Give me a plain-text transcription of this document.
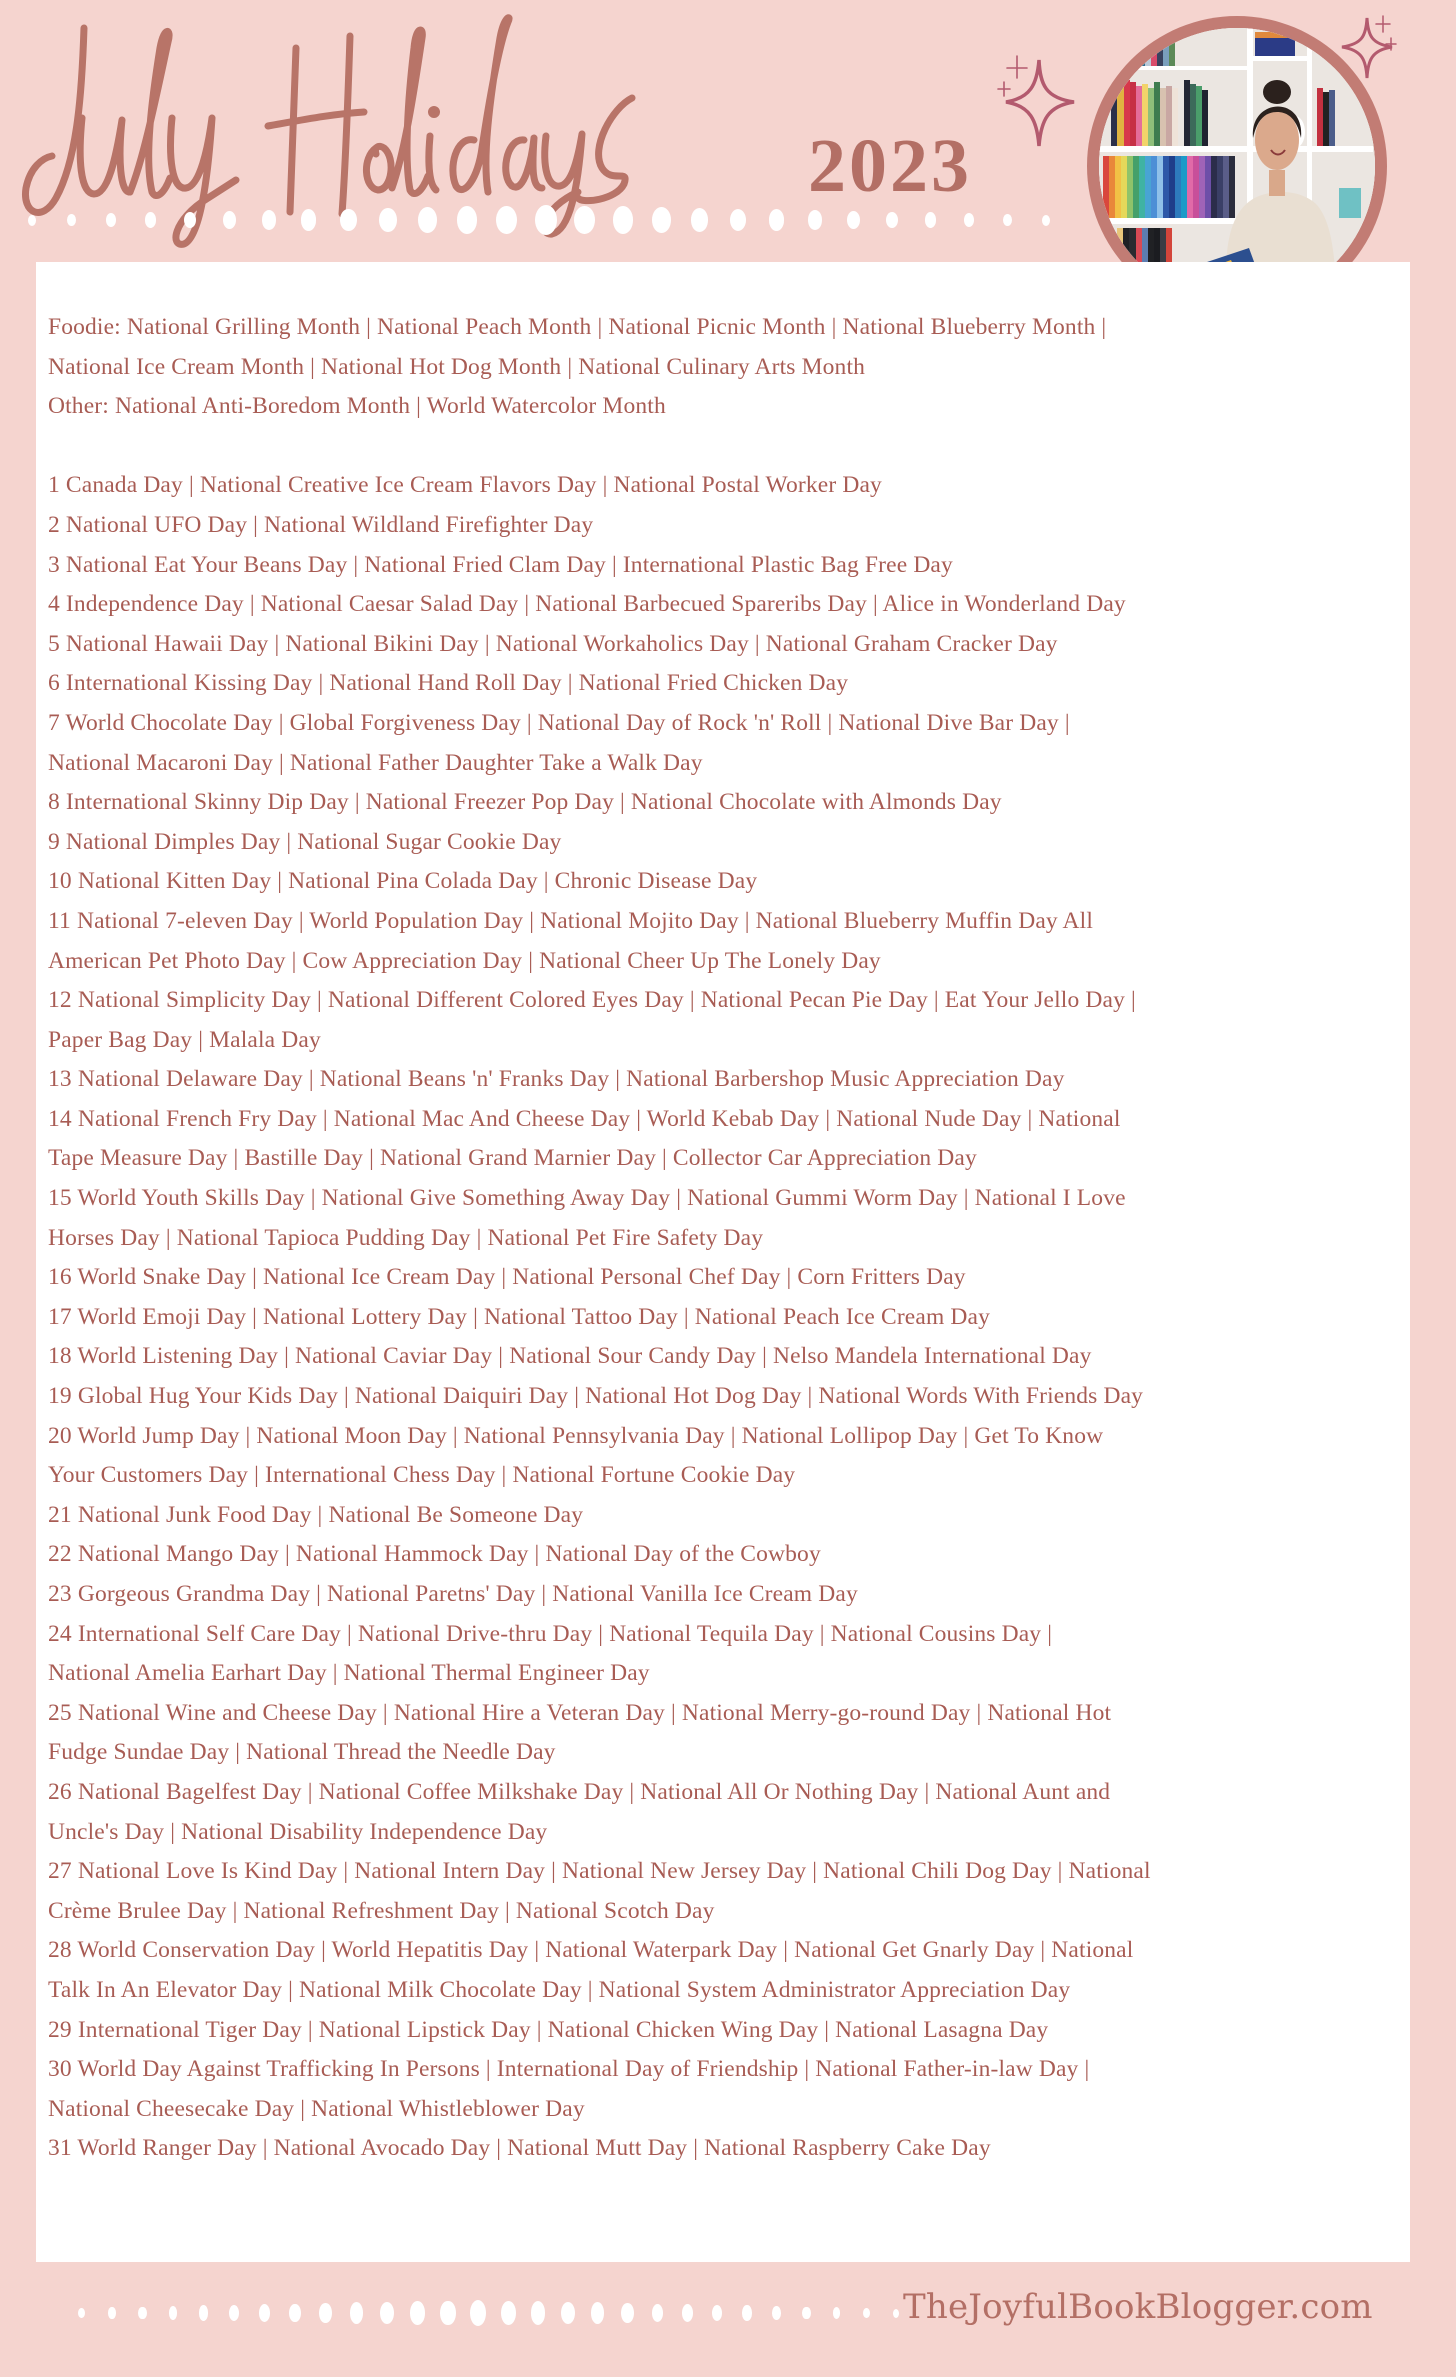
2023
Foodie: National Grilling Month | National Peach Month | National Picnic Month | National Blueberry Month |
National Ice Cream Month | National Hot Dog Month | National Culinary Arts Month
Other: National Anti-Boredom Month | World Watercolor Month
1 Canada Day | National Creative Ice Cream Flavors Day | National Postal Worker Day
2 National UFO Day | National Wildland Firefighter Day
3 National Eat Your Beans Day | National Fried Clam Day | International Plastic Bag Free Day
4 Independence Day | National Caesar Salad Day | National Barbecued Spareribs Day | Alice in Wonderland Day
5 National Hawaii Day | National Bikini Day | National Workaholics Day | National Graham Cracker Day
6 International Kissing Day | National Hand Roll Day | National Fried Chicken Day
7 World Chocolate Day | Global Forgiveness Day | National Day of Rock 'n' Roll | National Dive Bar Day |
National Macaroni Day | National Father Daughter Take a Walk Day
8 International Skinny Dip Day | National Freezer Pop Day | National Chocolate with Almonds Day
9 National Dimples Day | National Sugar Cookie Day
10 National Kitten Day | National Pina Colada Day | Chronic Disease Day
11 National 7-eleven Day | World Population Day | National Mojito Day | National Blueberry Muffin Day All
American Pet Photo Day | Cow Appreciation Day | National Cheer Up The Lonely Day
12 National Simplicity Day | National Different Colored Eyes Day | National Pecan Pie Day | Eat Your Jello Day |
Paper Bag Day | Malala Day
13 National Delaware Day | National Beans 'n' Franks Day | National Barbershop Music Appreciation Day
14 National French Fry Day | National Mac And Cheese Day | World Kebab Day | National Nude Day | National
Tape Measure Day | Bastille Day | National Grand Marnier Day | Collector Car Appreciation Day
15 World Youth Skills Day | National Give Something Away Day | National Gummi Worm Day | National I Love
Horses Day | National Tapioca Pudding Day | National Pet Fire Safety Day
16 World Snake Day | National Ice Cream Day | National Personal Chef Day | Corn Fritters Day
17 World Emoji Day | National Lottery Day | National Tattoo Day | National Peach Ice Cream Day
18 World Listening Day | National Caviar Day | National Sour Candy Day | Nelso Mandela International Day
19 Global Hug Your Kids Day | National Daiquiri Day | National Hot Dog Day | National Words With Friends Day
20 World Jump Day | National Moon Day | National Pennsylvania Day | National Lollipop Day | Get To Know
Your Customers Day | International Chess Day | National Fortune Cookie Day
21 National Junk Food Day | National Be Someone Day
22 National Mango Day | National Hammock Day | National Day of the Cowboy
23 Gorgeous Grandma Day | National Paretns' Day | National Vanilla Ice Cream Day
24 International Self Care Day | National Drive-thru Day | National Tequila Day | National Cousins Day |
National Amelia Earhart Day | National Thermal Engineer Day
25 National Wine and Cheese Day | National Hire a Veteran Day | National Merry-go-round Day | National Hot
Fudge Sundae Day | National Thread the Needle Day
26 National Bagelfest Day | National Coffee Milkshake Day | National All Or Nothing Day | National Aunt and
Uncle's Day | National Disability Independence Day
27 National Love Is Kind Day | National Intern Day | National New Jersey Day | National Chili Dog Day | National
Crème Brulee Day | National Refreshment Day | National Scotch Day
28 World Conservation Day | World Hepatitis Day | National Waterpark Day | National Get Gnarly Day | National
Talk In An Elevator Day | National Milk Chocolate Day | National System Administrator Appreciation Day
29 International Tiger Day | National Lipstick Day | National Chicken Wing Day | National Lasagna Day
30 World Day Against Trafficking In Persons | International Day of Friendship | National Father-in-law Day |
National Cheesecake Day | National Whistleblower Day
31 World Ranger Day | National Avocado Day | National Mutt Day | National Raspberry Cake Day
TheJoyfulBookBlogger.com
